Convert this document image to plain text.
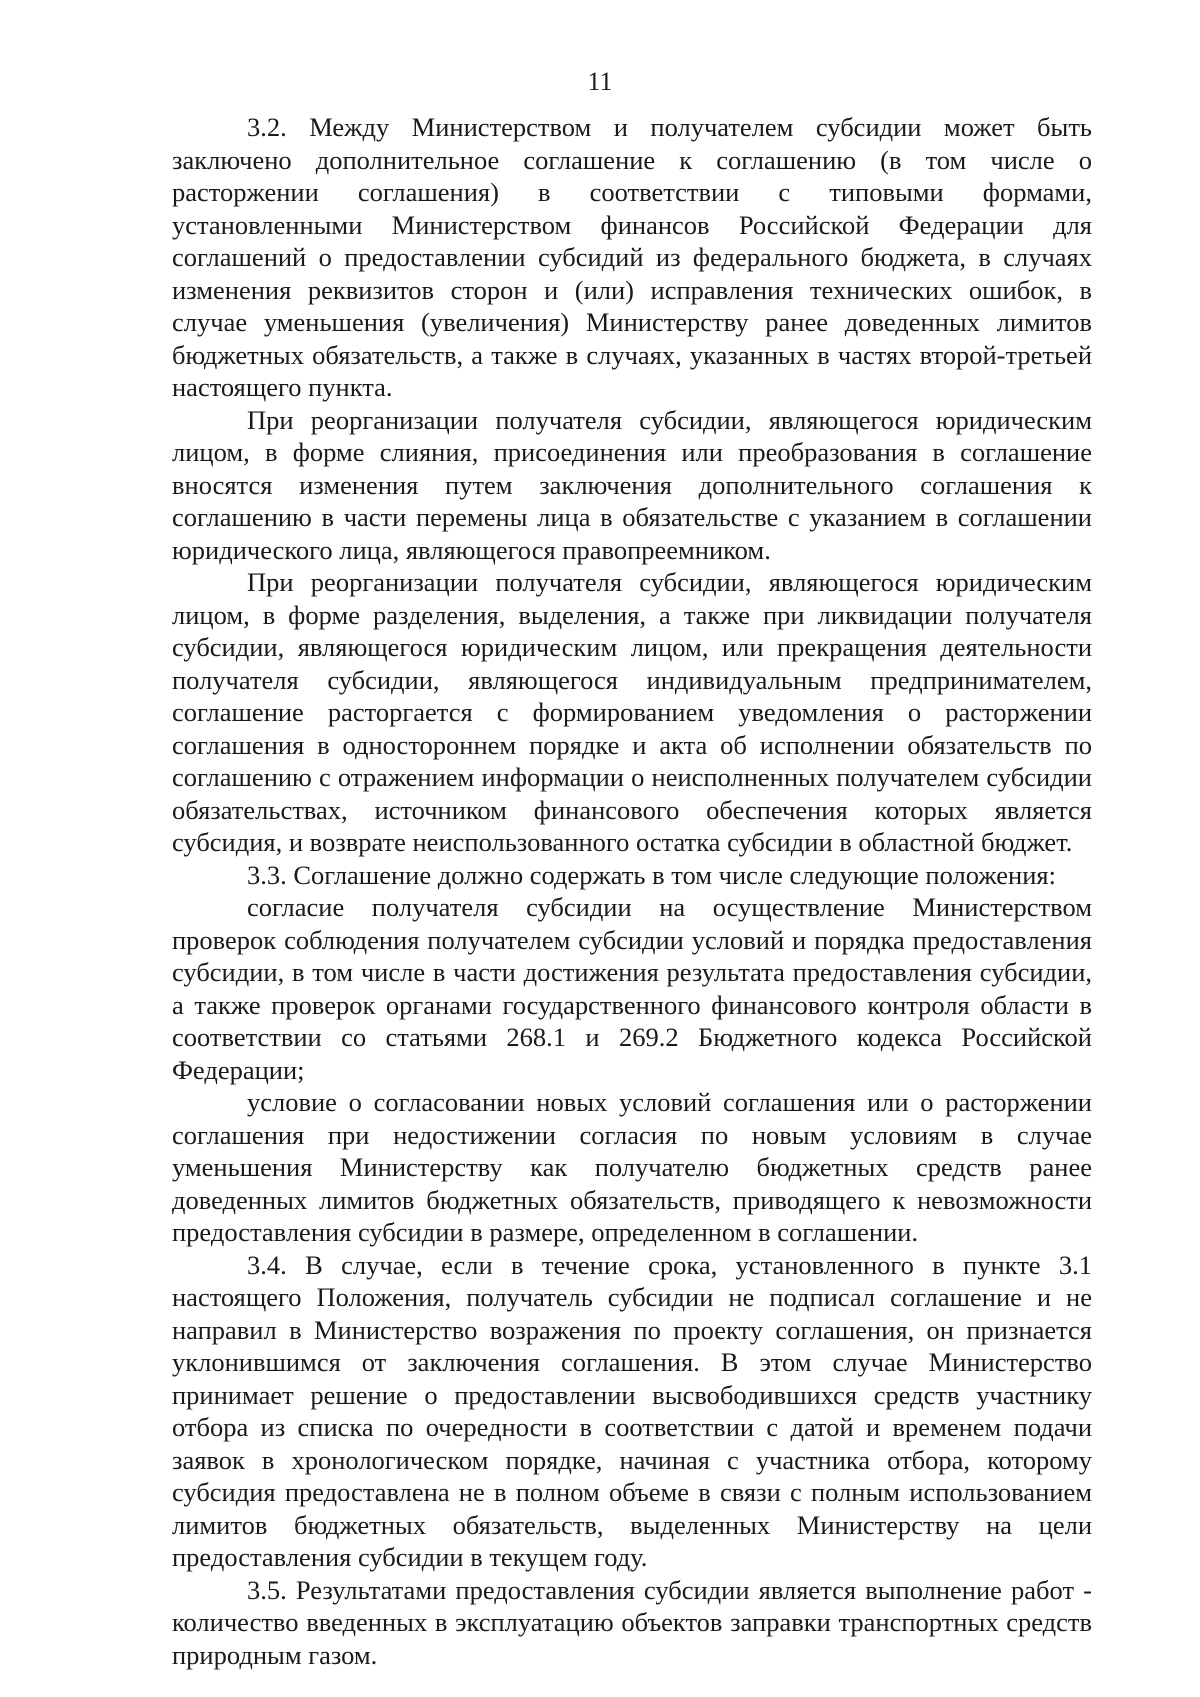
11

3.2. Между Министерством и получателем субсидии может быть заключено дополнительное соглашение к соглашению (в том числе о расторжении соглашения) в соответствии с типовыми формами, установленными Министерством финансов Российской Федерации для соглашений о предоставлении субсидий из федерального бюджета, в случаях изменения реквизитов сторон и (или) исправления технических ошибок, в случае уменьшения (увеличения) Министерству ранее доведенных лимитов бюджетных обязательств, а также в случаях, указанных в частях второй-третьей настоящего пункта.

При реорганизации получателя субсидии, являющегося юридическим лицом, в форме слияния, присоединения или преобразования в соглашение вносятся изменения путем заключения дополнительного соглашения к соглашению в части перемены лица в обязательстве с указанием в соглашении юридического лица, являющегося правопреемником.

При реорганизации получателя субсидии, являющегося юридическим лицом, в форме разделения, выделения, а также при ликвидации получателя субсидии, являющегося юридическим лицом, или прекращения деятельности получателя субсидии, являющегося индивидуальным предпринимателем, соглашение расторгается с формированием уведомления о расторжении соглашения в одностороннем порядке и акта об исполнении обязательств по соглашению с отражением информации о неисполненных получателем субсидии обязательствах, источником финансового обеспечения которых является субсидия, и возврате неиспользованного остатка субсидии в областной бюджет.

3.3. Соглашение должно содержать в том числе следующие положения:

согласие получателя субсидии на осуществление Министерством проверок соблюдения получателем субсидии условий и порядка предоставления субсидии, в том числе в части достижения результата предоставления субсидии, а также проверок органами государственного финансового контроля области в соответствии со статьями 268.1 и 269.2 Бюджетного кодекса Российской Федерации;

условие о согласовании новых условий соглашения или о расторжении соглашения при недостижении согласия по новым условиям в случае уменьшения Министерству как получателю бюджетных средств ранее доведенных лимитов бюджетных обязательств, приводящего к невозможности предоставления субсидии в размере, определенном в соглашении.

3.4. В случае, если в течение срока, установленного в пункте 3.1 настоящего Положения, получатель субсидии не подписал соглашение и не направил в Министерство возражения по проекту соглашения, он признается уклонившимся от заключения соглашения. В этом случае Министерство принимает решение о предоставлении высвободившихся средств участнику отбора из списка по очередности в соответствии с датой и временем подачи заявок в хронологическом порядке, начиная с участника отбора, которому субсидия предоставлена не в полном объеме в связи с полным использованием лимитов бюджетных обязательств, выделенных Министерству на цели предоставления субсидии в текущем году.

3.5. Результатами предоставления субсидии является выполнение работ - количество введенных в эксплуатацию объектов заправки транспортных средств природным газом.
